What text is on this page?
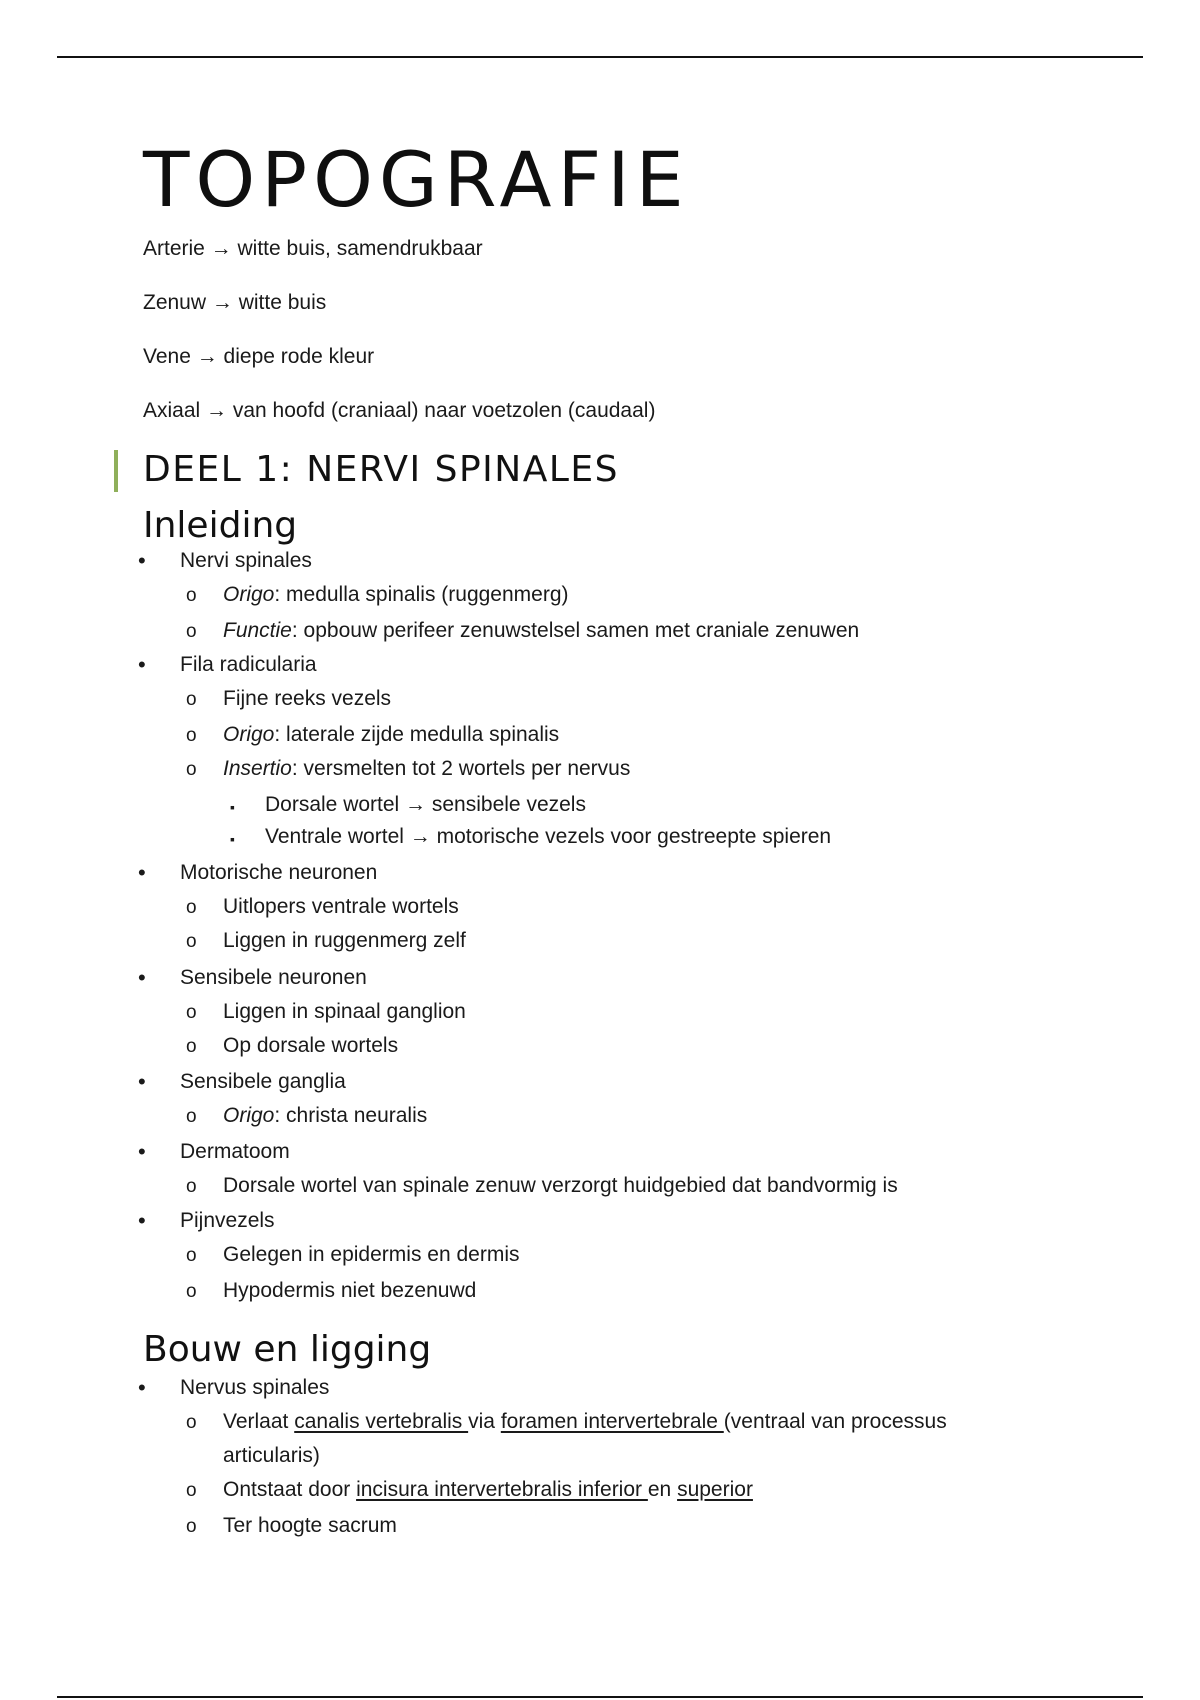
TOPOGRAFIE
Arterie → witte buis, samendrukbaar
Zenuw → witte buis
Vene → diepe rode kleur
Axiaal → van hoofd (craniaal) naar voetzolen (caudaal)
DEEL 1: NERVI SPINALES
Inleiding
• Nervi spinales
o Origo: medulla spinalis (ruggenmerg)
o Functie: opbouw perifeer zenuwstelsel samen met craniale zenuwen
• Fila radicularia
o Fijne reeks vezels
o Origo: laterale zijde medulla spinalis
o Insertio: versmelten tot 2 wortels per nervus
▪ Dorsale wortel → sensibele vezels
▪ Ventrale wortel → motorische vezels voor gestreepte spieren
• Motorische neuronen
o Uitlopers ventrale wortels
o Liggen in ruggenmerg zelf
• Sensibele neuronen
o Liggen in spinaal ganglion
o Op dorsale wortels
• Sensibele ganglia
o Origo: christa neuralis
• Dermatoom
o Dorsale wortel van spinale zenuw verzorgt huidgebied dat bandvormig is
• Pijnvezels
o Gelegen in epidermis en dermis
o Hypodermis niet bezenuwd
Bouw en ligging
• Nervus spinales
o Verlaat canalis vertebralis via foramen intervertebrale (ventraal van processus
articularis)
o Ontstaat door incisura intervertebralis inferior en superior
o Ter hoogte sacrum
